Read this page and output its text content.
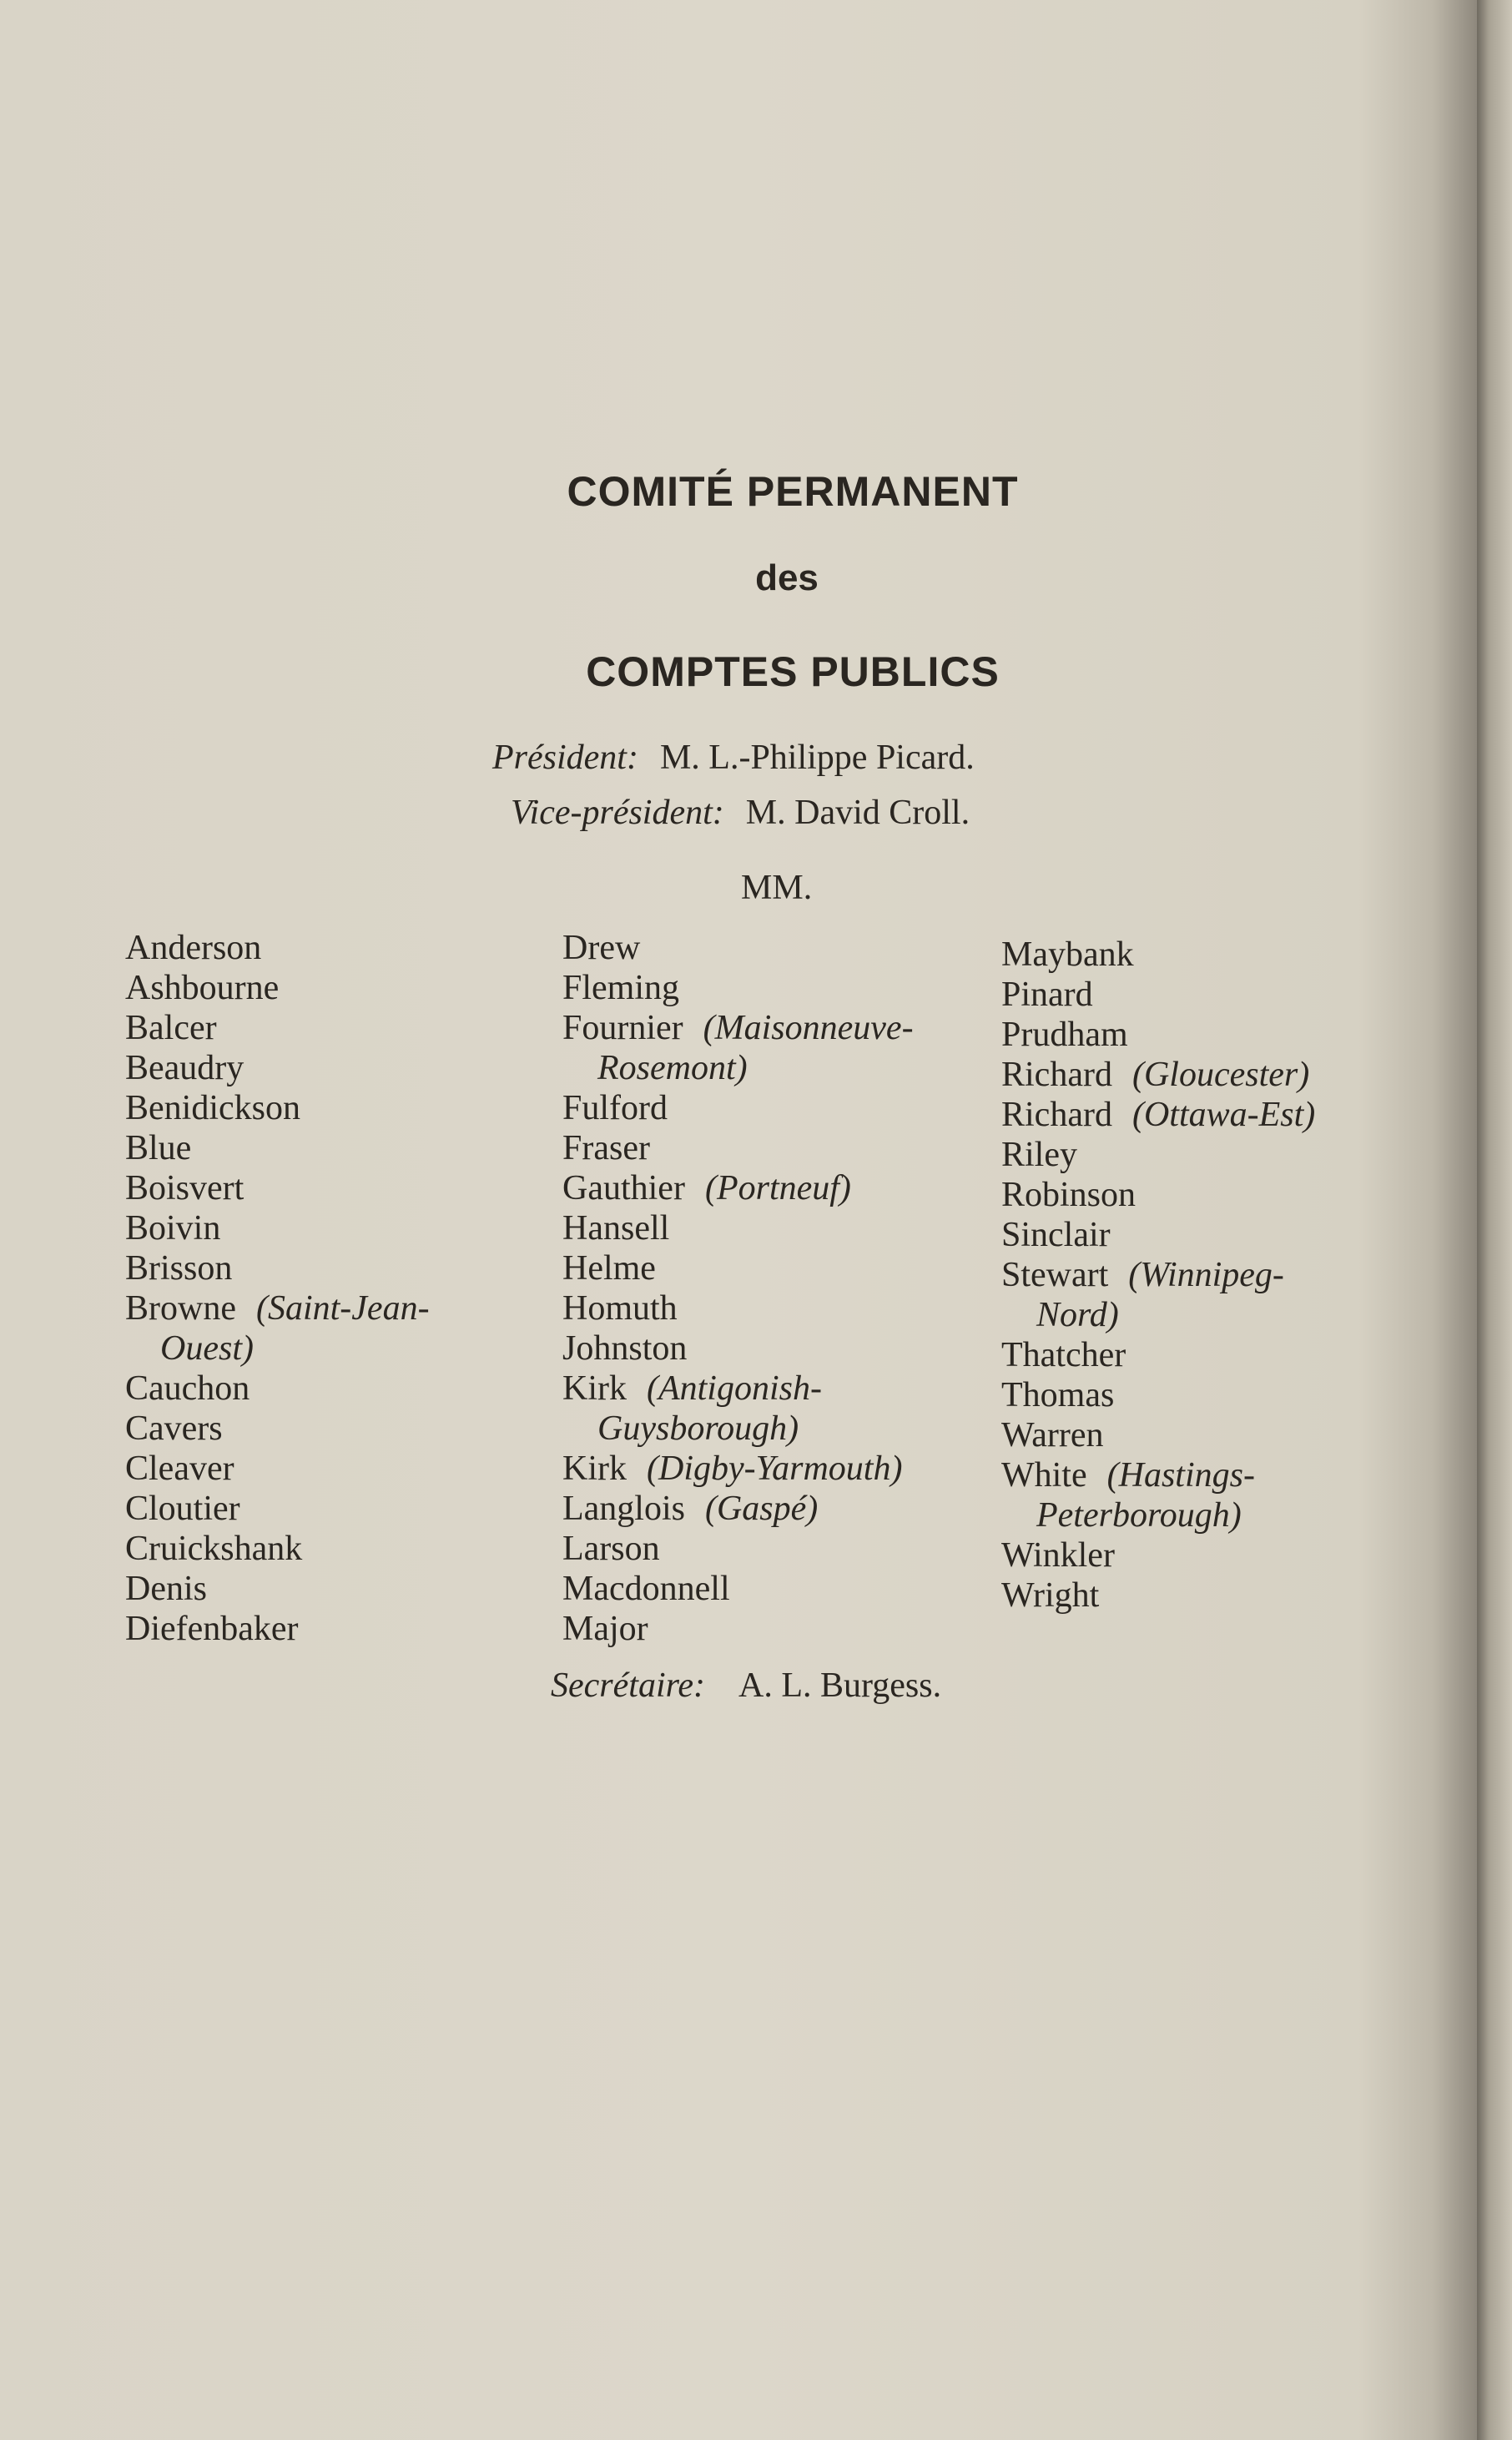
COMITÉ PERMANENT
des
COMPTES PUBLICS
Président: M. L.-Philippe Picard.
Vice-président: M. David Croll.
MM.
Anderson
Ashbourne
Balcer
Beaudry
Benidickson
Blue
Boisvert
Boivin
Brisson
Browne (Saint-Jean-
Ouest)
Cauchon
Cavers
Cleaver
Cloutier
Cruickshank
Denis
Diefenbaker
Drew
Fleming
Fournier (Maisonneuve-
Rosemont)
Fulford
Fraser
Gauthier (Portneuf)
Hansell
Helme
Homuth
Johnston
Kirk (Antigonish-
Guysborough)
Kirk (Digby-Yarmouth)
Langlois (Gaspé)
Larson
Macdonnell
Major
Maybank
Pinard
Prudham
Richard (Gloucester)
Richard (Ottawa-Est)
Riley
Robinson
Sinclair
Stewart (Winnipeg-
Nord)
Thatcher
Thomas
Warren
White (Hastings-
Peterborough)
Winkler
Wright
Secrétaire: A. L. Burgess.
